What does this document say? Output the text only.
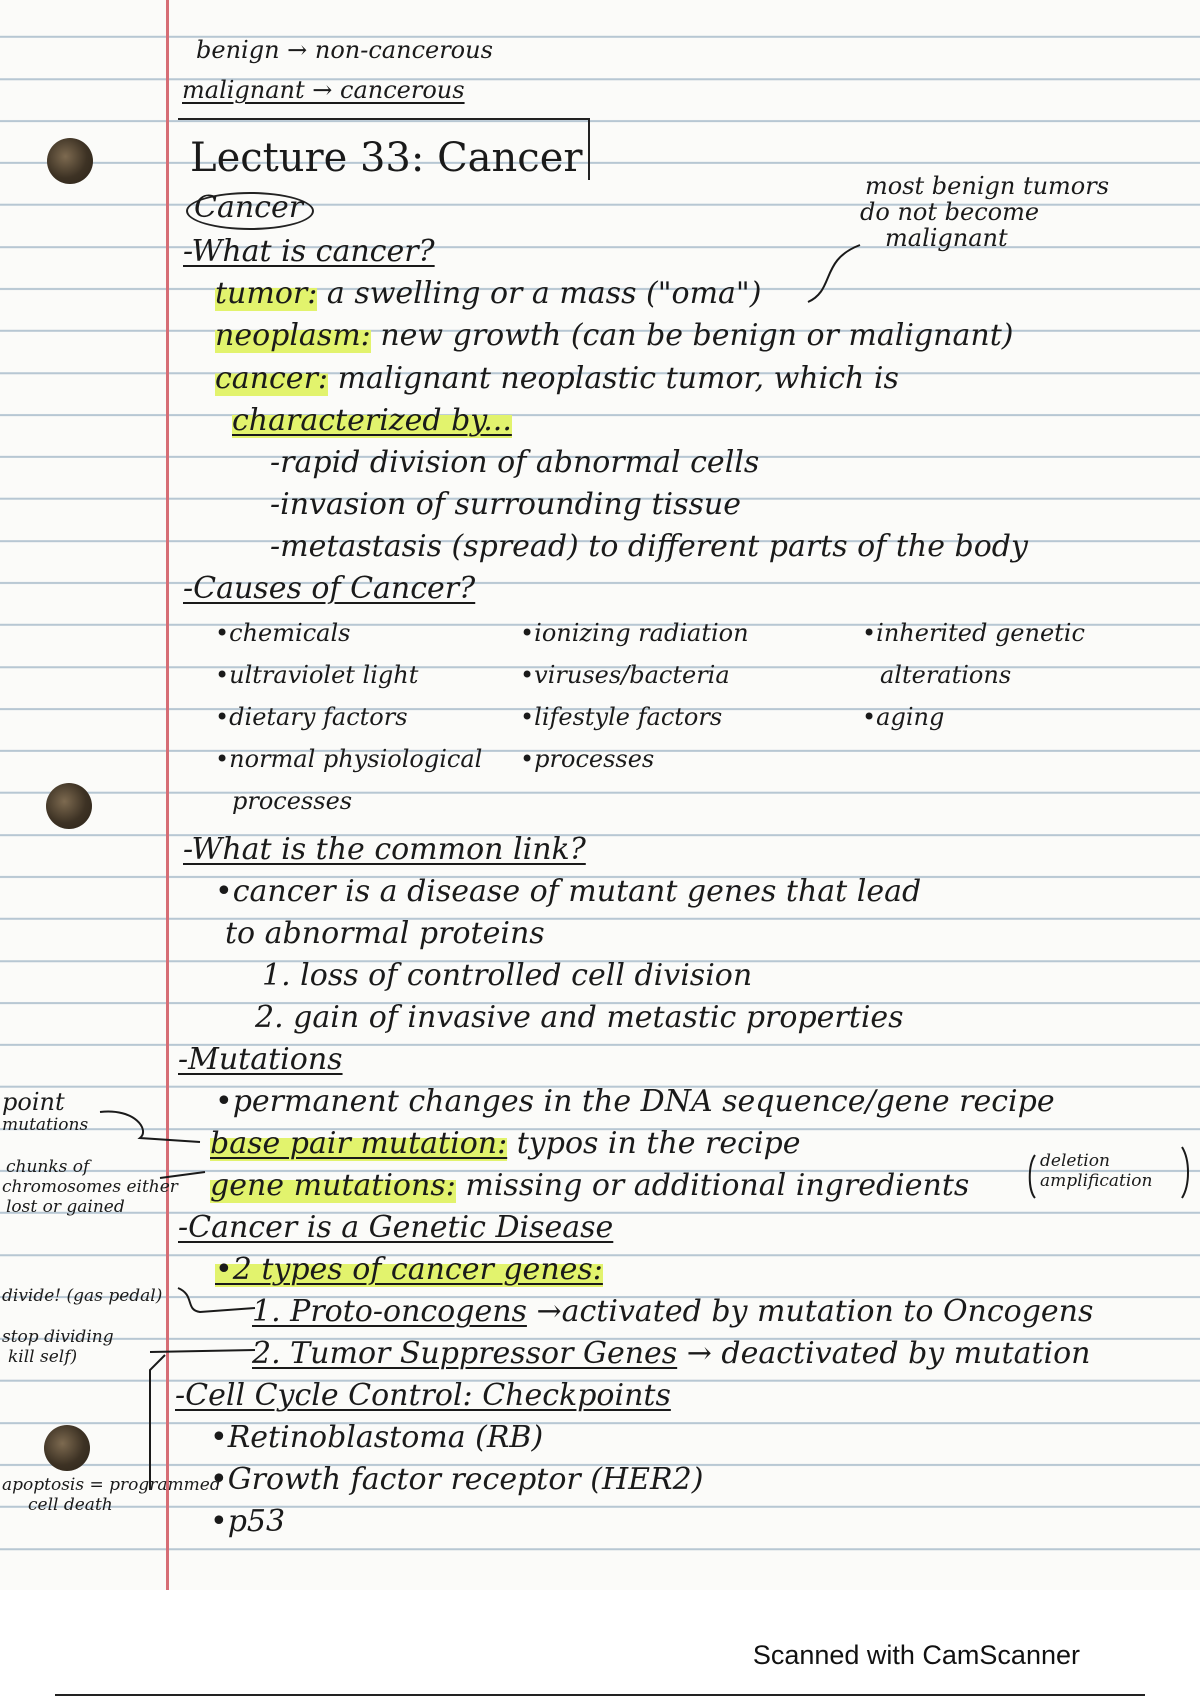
benign → non-cancerous
malignant → cancerous
Lecture 33: Cancer
Cancer
most benign tumors
do not become
malignant
-What is cancer?
tumor: a swelling or a mass ("oma")
neoplasm: new growth (can be benign or malignant)
cancer: malignant neoplastic tumor, which is
characterized by...
-rapid division of abnormal cells
-invasion of surrounding tissue
-metastasis (spread) to different parts of the body
-Causes of Cancer?
•chemicals
•ultraviolet light
•dietary factors
•normal physiological
processes
•ionizing radiation
•viruses/bacteria
•lifestyle factors
•processes
•inherited genetic
alterations
•aging
-What is the common link?
•cancer is a disease of mutant genes that lead
to abnormal proteins
1. loss of controlled cell division
2. gain of invasive and metastic properties
-Mutations
•permanent changes in the DNA sequence/gene recipe
base pair mutation: typos in the recipe
gene mutations: missing or additional ingredients
deletion
amplification
-Cancer is a Genetic Disease
•2 types of cancer genes:
1. Proto-oncogens →activated by mutation to Oncogens
2. Tumor Suppressor Genes → deactivated by mutation
-Cell Cycle Control: Checkpoints
•Retinoblastoma (RB)
•Growth factor receptor (HER2)
•p53
point
mutations
chunks of
chromosomes either
lost or gained
divide! (gas pedal)
stop dividing
kill self)
apoptosis = programmed
cell death
Scanned with CamScanner
